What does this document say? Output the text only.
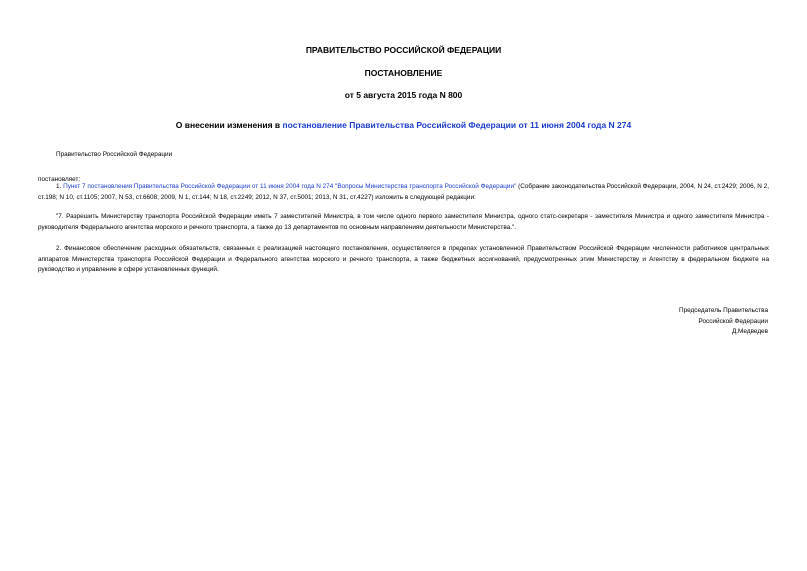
ПРАВИТЕЛЬСТВО РОССИЙСКОЙ ФЕДЕРАЦИИ
ПОСТАНОВЛЕНИЕ
от 5 августа 2015 года N 800
О внесении изменения в постановление Правительства Российской Федерации от 11 июня 2004 года N 274
Правительство Российской Федерации
постановляет:
1. Пункт 7 постановления Правительства Российской Федерации от 11 июня 2004 года N 274 "Вопросы Министерства транспорта Российской Федерации" (Собрание законодательства Российской Федерации, 2004, N 24, ст.2429; 2006, N 2, ст.198; N 10, ст.1105; 2007, N 53, ст.6608; 2009, N 1, ст.144; N 18, ст.2249; 2012, N 37, ст.5001; 2013, N 31, ст.4227) изложить в следующей редакции:
"7. Разрешить Министерству транспорта Российской Федерации иметь 7 заместителей Министра, в том числе одного первого заместителя Министра, одного статс-секретаря - заместителя Министра и одного заместителя Министра - руководителя Федерального агентства морского и речного транспорта, а также до 13 департаментов по основным направлениям деятельности Министерства.".
2. Финансовое обеспечение расходных обязательств, связанных с реализацией настоящего постановления, осуществляется в пределах установленной Правительством Российской Федерации численности работников центральных аппаратов Министерства транспорта Российской Федерации и Федерального агентства морского и речного транспорта, а также бюджетных ассигнований, предусмотренных этим Министерству и Агентству в федеральном бюджете на руководство и управление в сфере установленных функций.
Председатель Правительства
Российской Федерации
Д.Медведев
